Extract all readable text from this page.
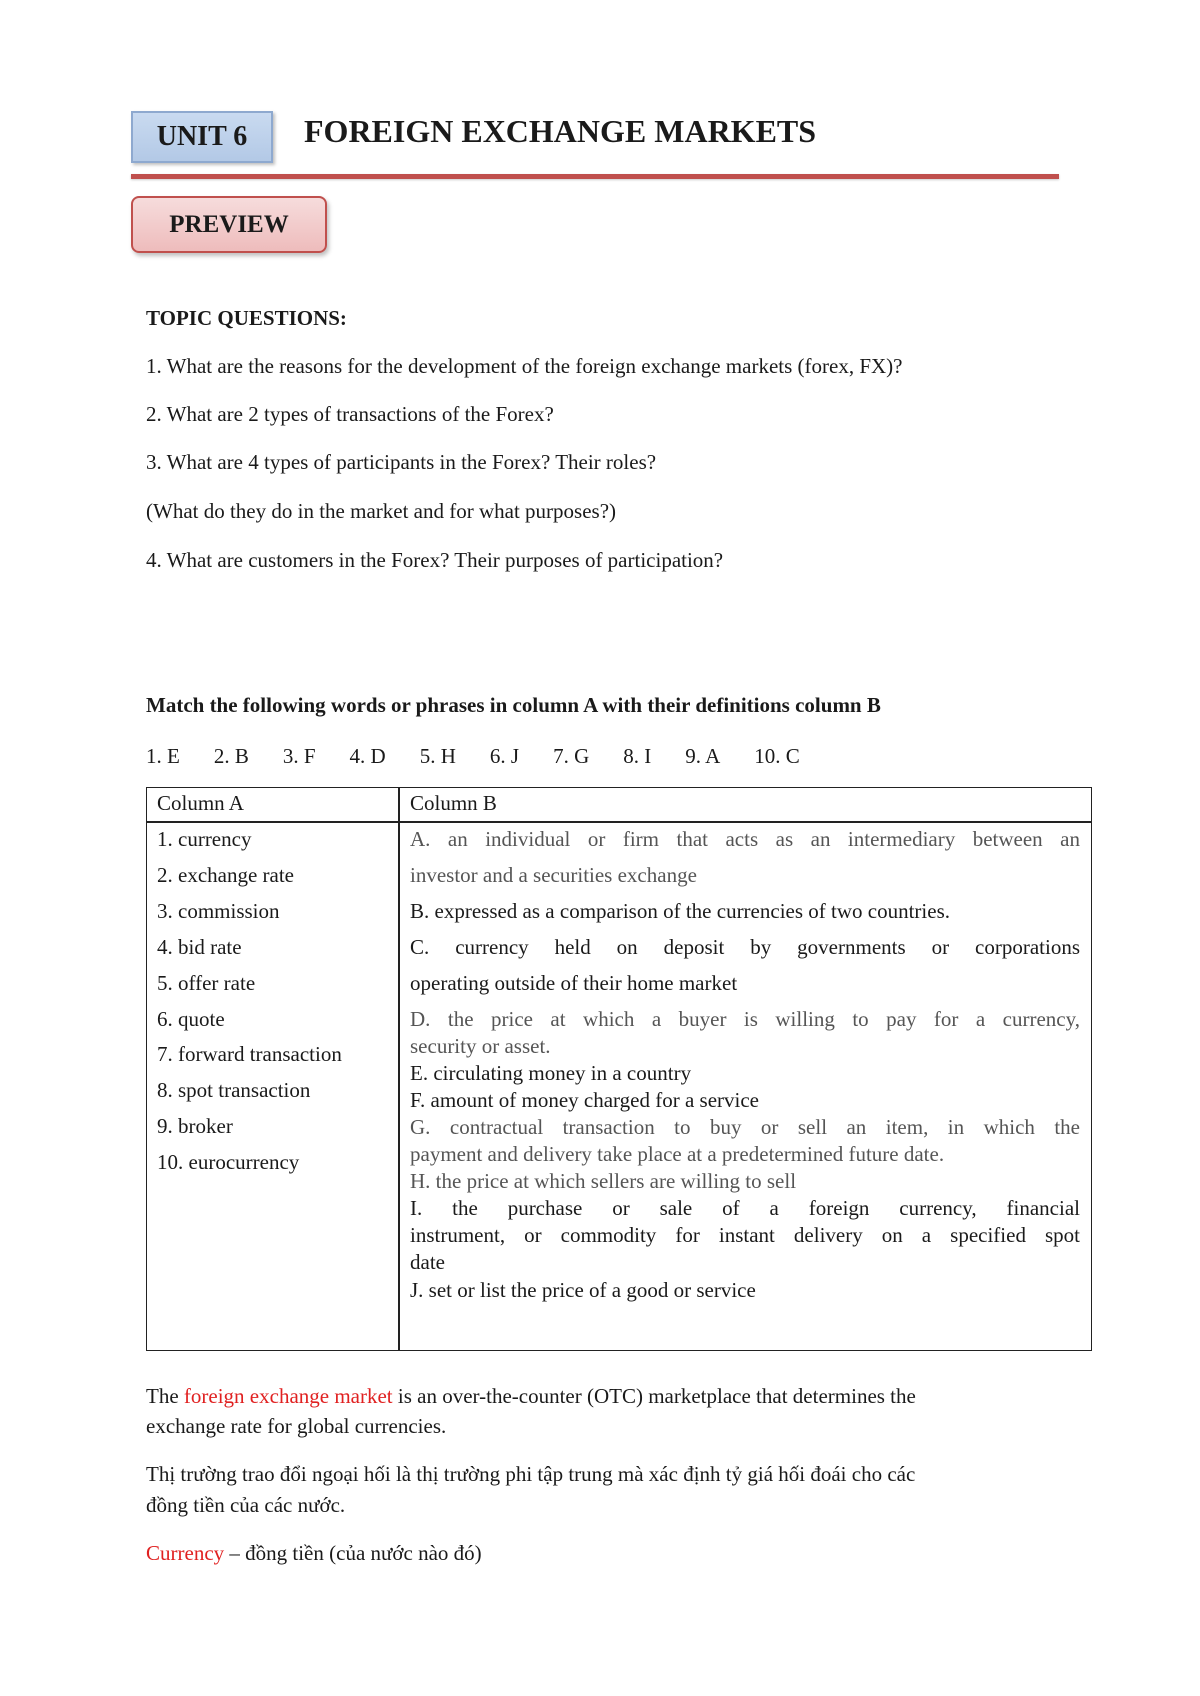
UNIT 6	FOREIGN EXCHANGE MARKETS
PREVIEW
TOPIC QUESTIONS:
1. What are the reasons for the development of the foreign exchange markets (forex, FX)?
2. What are 2 types of transactions of the Forex?
3. What are 4 types of participants in the Forex? Their roles?
(What do they do in the market and for what purposes?)
4. What are customers in the Forex? Their purposes of participation?
Match the following words or phrases in column A with their definitions column B
1. E 2. B 3. F 4. D 5. H 6. J 7. G 8. I 9. A 10. C
Column A	Column B
1. currency
2. exchange rate
3. commission
4. bid rate
5. offer rate
6. quote
7. forward transaction
8. spot transaction
9. broker
10. eurocurrency
A. an individual or firm that acts as an intermediary between an
investor and a securities exchange
B. expressed as a comparison of the currencies of two countries.
C. currency held on deposit by governments or corporations
operating outside of their home market
D. the price at which a buyer is willing to pay for a currency,
security or asset.
E. circulating money in a country
F. amount of money charged for a service
G. contractual transaction to buy or sell an item, in which the
payment and delivery take place at a predetermined future date.
H. the price at which sellers are willing to sell
I. the purchase or sale of a foreign currency, financial
instrument, or commodity for instant delivery on a specified spot
date
J. set or list the price of a good or service
The foreign exchange market is an over-the-counter (OTC) marketplace that determines the
exchange rate for global currencies.
Thị trường trao đổi ngoại hối là thị trường phi tập trung mà xác định tỷ giá hối đoái cho các
đồng tiền của các nước.
Currency – đồng tiền (của nước nào đó)
